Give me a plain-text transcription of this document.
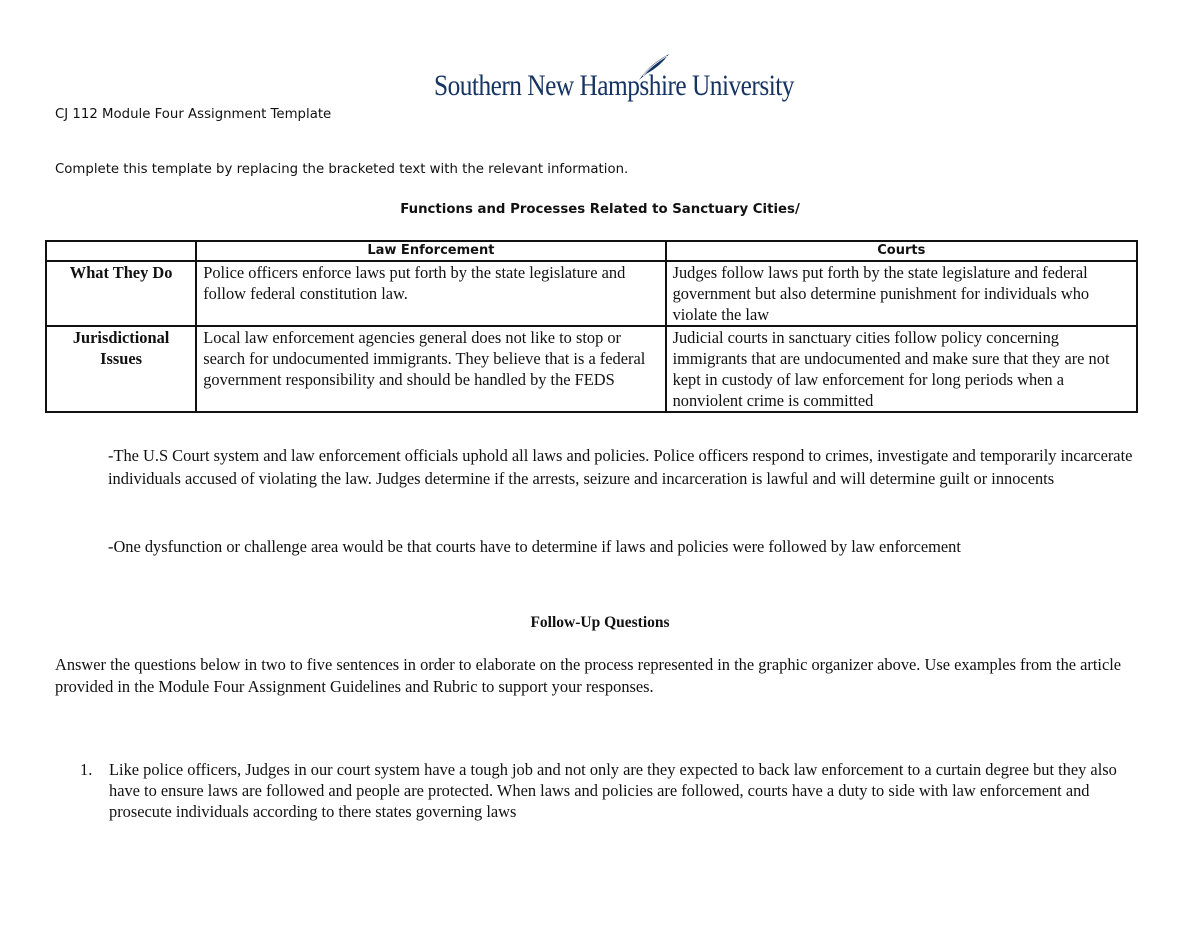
Southern New Hampshire University
CJ 112 Module Four Assignment Template
Complete this template by replacing the bracketed text with the relevant information.
Functions and Processes Related to Sanctuary Cities/
	Law Enforcement	Courts
What They Do	Police officers enforce laws put forth by the state legislature and follow federal constitution law.	Judges follow laws put forth by the state legislature and federal government but also determine punishment for individuals who violate the law
Jurisdictional Issues	Local law enforcement agencies general does not like to stop or search for undocumented immigrants. They believe that is a federal government responsibility and should be handled by the FEDS	Judicial courts in sanctuary cities follow policy concerning immigrants that are undocumented and make sure that they are not kept in custody of law enforcement for long periods when a nonviolent crime is committed
-The U.S Court system and law enforcement officials uphold all laws and policies. Police officers respond to crimes, investigate and temporarily incarcerate individuals accused of violating the law. Judges determine if the arrests, seizure and incarceration is lawful and will determine guilt or innocents
-One dysfunction or challenge area would be that courts have to determine if laws and policies were followed by law enforcement
Follow-Up Questions
Answer the questions below in two to five sentences in order to elaborate on the process represented in the graphic organizer above. Use examples from the article provided in the Module Four Assignment Guidelines and Rubric to support your responses.
1.	Like police officers, Judges in our court system have a tough job and not only are they expected to back law enforcement to a curtain degree but they also have to ensure laws are followed and people are protected. When laws and policies are followed, courts have a duty to side with law enforcement and prosecute individuals according to there states governing laws
